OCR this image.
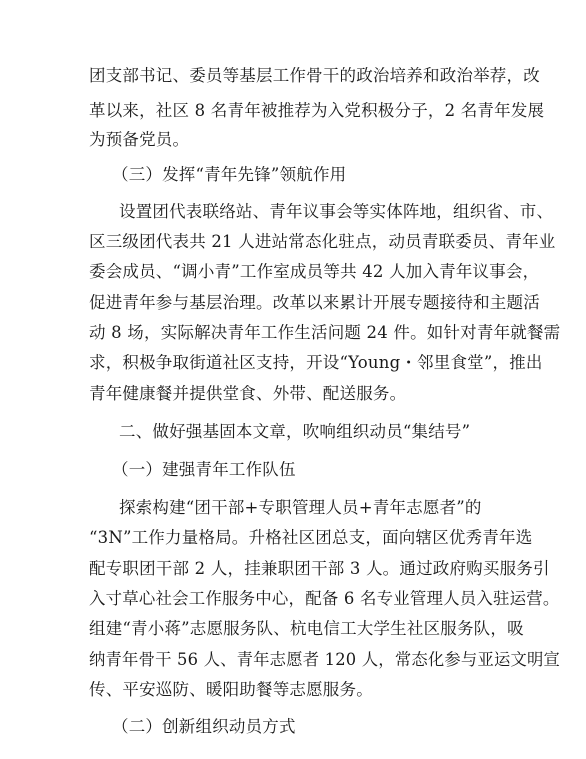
团支部书记、委员等基层工作骨干的政治培养和政治举荐，改
革以来，社区 8 名青年被推荐为入党积极分子，2 名青年发展
为预备党员。
（三）发挥“青年先锋”领航作用
设置团代表联络站、青年议事会等实体阵地，组织省、市、
区三级团代表共 21 人进站常态化驻点，动员青联委员、青年业
委会成员、“调小青”工作室成员等共 42 人加入青年议事会，
促进青年参与基层治理。改革以来累计开展专题接待和主题活
动 8 场，实际解决青年工作生活问题 24 件。如针对青年就餐需
求，积极争取街道社区支持，开设“Young・邻里食堂”，推出
青年健康餐并提供堂食、外带、配送服务。
二、做好强基固本文章，吹响组织动员“集结号”
（一）建强青年工作队伍
探索构建“团干部+专职管理人员+青年志愿者”的
“3N”工作力量格局。升格社区团总支，面向辖区优秀青年选
配专职团干部 2 人，挂兼职团干部 3 人。通过政府购买服务引
入寸草心社会工作服务中心，配备 6 名专业管理人员入驻运营。
组建“青小蒋”志愿服务队、杭电信工大学生社区服务队，吸
纳青年骨干 56 人、青年志愿者 120 人，常态化参与亚运文明宣
传、平安巡防、暖阳助餐等志愿服务。
（二）创新组织动员方式
